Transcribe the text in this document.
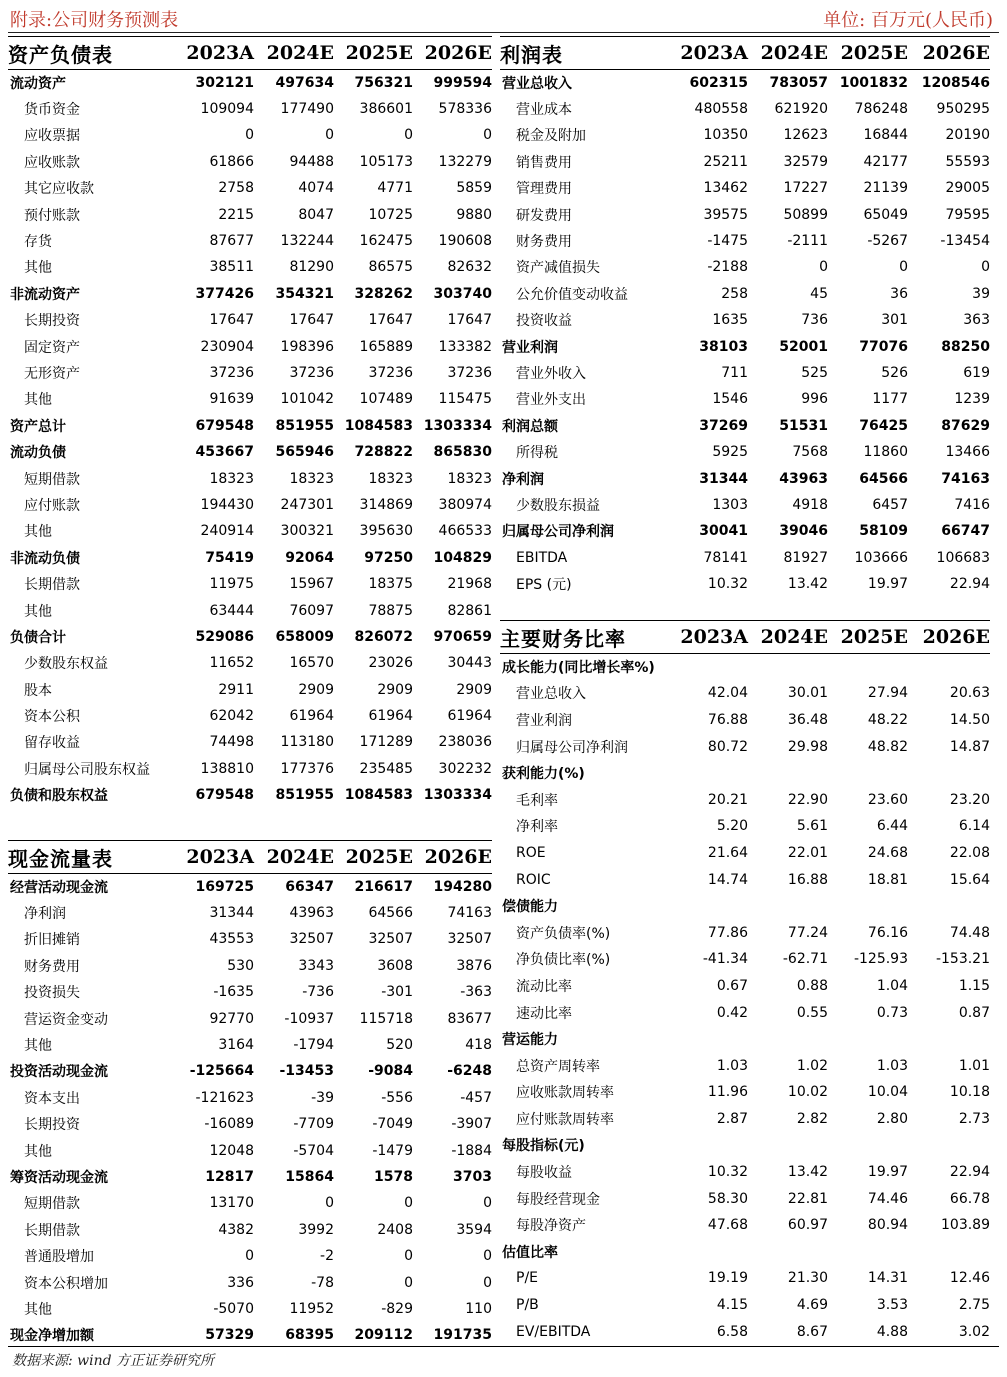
附录:公司财务预测表	单位: 百万元(人民币)
资产负债表	2023A	2024E	2025E	2026E
流动资产	302121	497634	756321	999594
货币资金	109094	177490	386601	578336
应收票据	0	0	0	0
应收账款	61866	94488	105173	132279
其它应收款	2758	4074	4771	5859
预付账款	2215	8047	10725	9880
存货	87677	132244	162475	190608
其他	38511	81290	86575	82632
非流动资产	377426	354321	328262	303740
长期投资	17647	17647	17647	17647
固定资产	230904	198396	165889	133382
无形资产	37236	37236	37236	37236
其他	91639	101042	107489	115475
资产总计	679548	851955	1084583	1303334
流动负债	453667	565946	728822	865830
短期借款	18323	18323	18323	18323
应付账款	194430	247301	314869	380974
其他	240914	300321	395630	466533
非流动负债	75419	92064	97250	104829
长期借款	11975	15967	18375	21968
其他	63444	76097	78875	82861
负债合计	529086	658009	826072	970659
少数股东权益	11652	16570	23026	30443
股本	2911	2909	2909	2909
资本公积	62042	61964	61964	61964
留存收益	74498	113180	171289	238036
归属母公司股东权益	138810	177376	235485	302232
负债和股东权益	679548	851955	1084583	1303334
利润表	2023A	2024E	2025E	2026E
营业总收入	602315	783057	1001832	1208546
营业成本	480558	621920	786248	950295
税金及附加	10350	12623	16844	20190
销售费用	25211	32579	42177	55593
管理费用	13462	17227	21139	29005
研发费用	39575	50899	65049	79595
财务费用	-1475	-2111	-5267	-13454
资产减值损失	-2188	0	0	0
公允价值变动收益	258	45	36	39
投资收益	1635	736	301	363
营业利润	38103	52001	77076	88250
营业外收入	711	525	526	619
营业外支出	1546	996	1177	1239
利润总额	37269	51531	76425	87629
所得税	5925	7568	11860	13466
净利润	31344	43963	64566	74163
少数股东损益	1303	4918	6457	7416
归属母公司净利润	30041	39046	58109	66747
EBITDA	78141	81927	103666	106683
EPS (元)	10.32	13.42	19.97	22.94
现金流量表	2023A	2024E	2025E	2026E
经营活动现金流	169725	66347	216617	194280
净利润	31344	43963	64566	74163
折旧摊销	43553	32507	32507	32507
财务费用	530	3343	3608	3876
投资损失	-1635	-736	-301	-363
营运资金变动	92770	-10937	115718	83677
其他	3164	-1794	520	418
投资活动现金流	-125664	-13453	-9084	-6248
资本支出	-121623	-39	-556	-457
长期投资	-16089	-7709	-7049	-3907
其他	12048	-5704	-1479	-1884
筹资活动现金流	12817	15864	1578	3703
短期借款	13170	0	0	0
长期借款	4382	3992	2408	3594
普通股增加	0	-2	0	0
资本公积增加	336	-78	0	0
其他	-5070	11952	-829	110
现金净增加额	57329	68395	209112	191735
主要财务比率	2023A	2024E	2025E	2026E
成长能力(同比增长率%)				
营业总收入	42.04	30.01	27.94	20.63
营业利润	76.88	36.48	48.22	14.50
归属母公司净利润	80.72	29.98	48.82	14.87
获利能力(%)				
毛利率	20.21	22.90	23.60	23.20
净利率	5.20	5.61	6.44	6.14
ROE	21.64	22.01	24.68	22.08
ROIC	14.74	16.88	18.81	15.64
偿债能力				
资产负债率(%)	77.86	77.24	76.16	74.48
净负债比率(%)	-41.34	-62.71	-125.93	-153.21
流动比率	0.67	0.88	1.04	1.15
速动比率	0.42	0.55	0.73	0.87
营运能力				
总资产周转率	1.03	1.02	1.03	1.01
应收账款周转率	11.96	10.02	10.04	10.18
应付账款周转率	2.87	2.82	2.80	2.73
每股指标(元)				
每股收益	10.32	13.42	19.97	22.94
每股经营现金	58.30	22.81	74.46	66.78
每股净资产	47.68	60.97	80.94	103.89
估值比率				
P/E	19.19	21.30	14.31	12.46
P/B	4.15	4.69	3.53	2.75
EV/EBITDA	6.58	8.67	4.88	3.02
数据来源: wind 方正证券研究所
